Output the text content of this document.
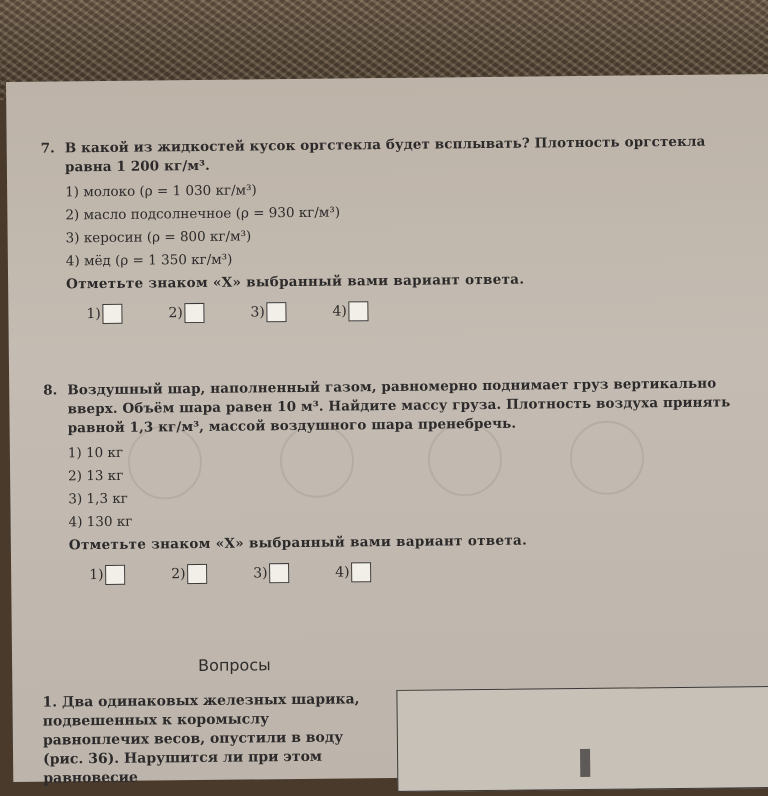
7. В какой из жидкостей кусок оргстекла будет всплывать? Плотность оргстекла равна 1 200 кг/м³.
1) молоко (ρ = 1 030 кг/м³)
2) масло подсолнечное (ρ = 930 кг/м³)
3) керосин (ρ = 800 кг/м³)
4) мёд (ρ = 1 350 кг/м³)
Отметьте знаком «X» выбранный вами вариант ответа.
1)	2)	3)	4)
8. Воздушный шар, наполненный газом, равномерно поднимает груз вертикально вверх. Объём шара равен 10 м³. Найдите массу груза. Плотность воздуха принять равной 1,3 кг/м³, массой воздушного шара пренебречь.
1) 10 кг
2) 13 кг
3) 1,3 кг
4) 130 кг
Отметьте знаком «X» выбранный вами вариант ответа.
1)	2)	3)	4)
Вопросы
1. Два одинаковых железных шарика, подвешенных к коромыслу равноплечих весов, опустили в воду (рис. 36). Нарушится ли при этом равновесие
